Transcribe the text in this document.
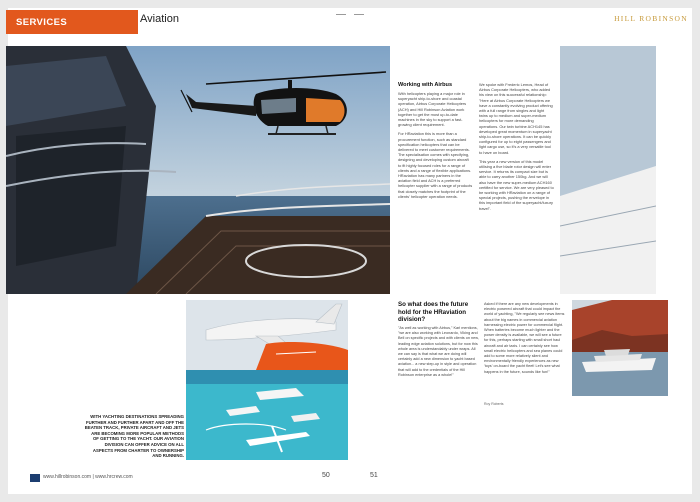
SERVICES	Aviation	HILL ROBINSON
Working with Airbus

With helicopters playing a major role in superyacht ship-to-shore and coastal operation, Airbus Corporate Helicopters (ACH) and Hill Robinson Aviation work together to get the most up-to-date machines in the sky to support a fast-growing client requirement.

For HRaviation this is more than a procurement function, such as standard specification helicopters that can be delivered to meet customer requirements. The specialisation comes with specifying, designing and developing custom aircraft to fit highly focused roles for a range of clients and a range of flexible applications. HRaviation has many partners in the aviation field and ACH is a preferred helicopter supplier with a range of products that closely matches the footprint of the clients' helicopter operation needs.

We spoke with Frederic Lemos, Head of Airbus Corporate Helicopters, who added his view on this successful relationship: "Here at Airbus Corporate Helicopters we have a constantly evolving product offering with a full range from singles and light twins up to medium and super-medium helicopters for more demanding operations. Our twin turbine ACH145 has developed great momentum in superyacht ship-to-shore operations. It can be quickly configured for up to eight passengers and light cargo use, so it's a very versatile tool to have on board.

This year a new version of this model utilising a five blade rotor design will enter service. It returns its compact size but is able to carry another 150kg. And we will also have the new super-medium ACH160 certified for service. We are very pleased to be working with HRaviation on a range of special projects, pushing the envelope in this important field of the superyacht/luxury travel".

WITH YACHTING DESTINATIONS SPREADING FURTHER AND FURTHER APART AND OFF THE BEATEN TRACK, PRIVATE AIRCRAFT AND JETS ARE BECOMING MORE POPULAR METHODS OF GETTING TO THE YACHT. OUR AVIATION DIVISION CAN OFFER ADVICE ON ALL ASPECTS FROM CHARTER TO OWNERSHIP AND RUNNING.
So what does the future hold for the HRaviation division?
"As well as working with Airbus," Karl mentions, "we are also working with Leonardo, Viking and Bell on specific projects and with clients on new, leading edge aviation solutions, but for now this whole area is understandably under wraps. All we can say is that what we are doing will certainly add a new dimension to yacht based aviation... a new step-up in style and operation that will add to the credentials of the Hill Robinson enterprise as a whole!"
Asked if there are any new developments in electric powered aircraft that could impact the world of yachting, "We regularly see news items about the big names in commercial aviation harnessing electric power for commercial flight. When batteries become much lighter and the power density is available, we will see a future for this, perhaps starting with small short haul aircraft and air taxis. I can certainly see how small electric helicopters and sea planes could add to some more relatively silent and environmentally friendly experiences as new 'toys' on-board the yacht fleet! Let's see what happens in the future, sounds like fun!"
Roy Roberts
www.hillrobinson.com | www.hrcrew.com	50	51
